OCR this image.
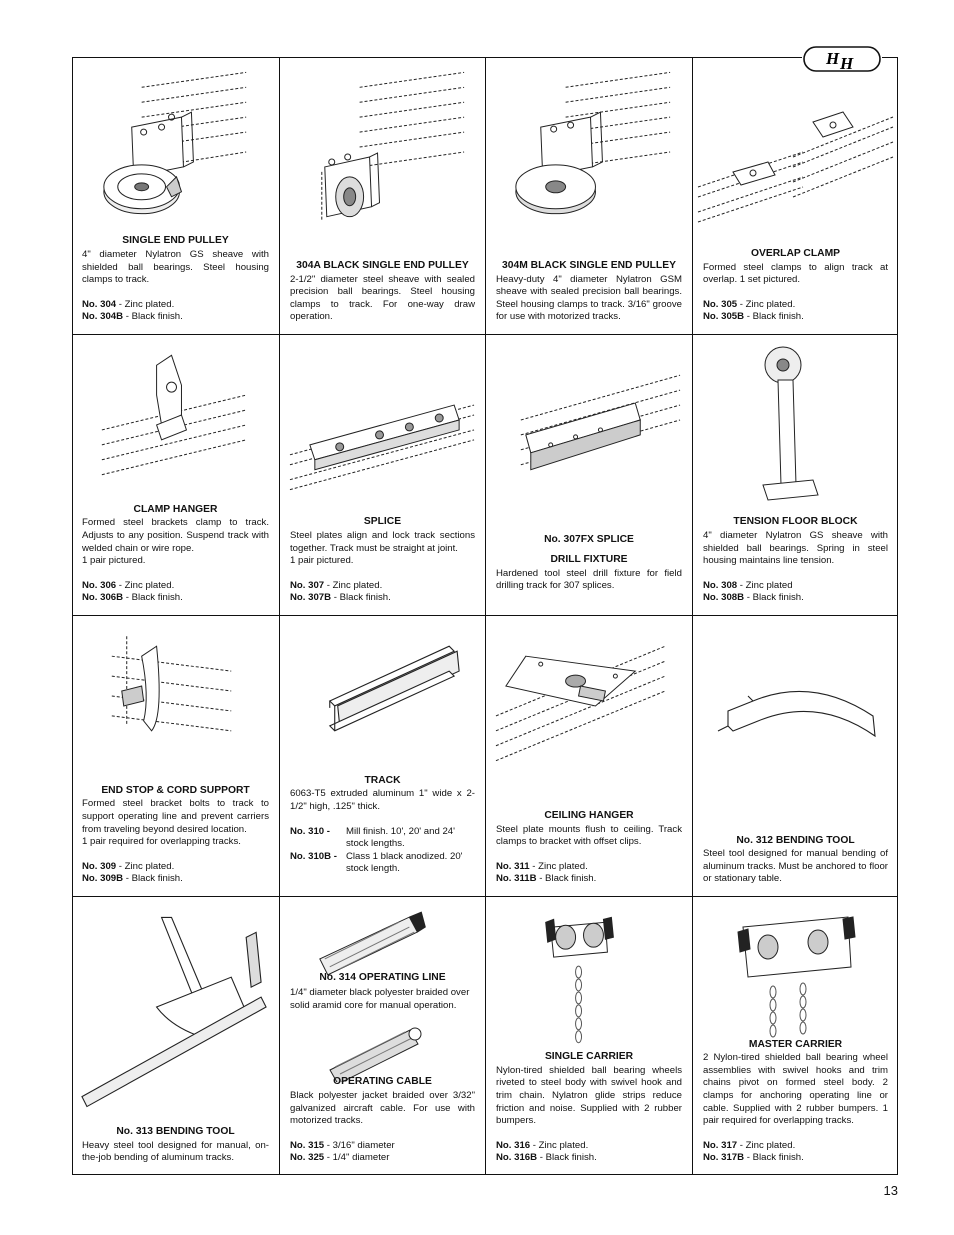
H H
SINGLE END PULLEY
4" diameter Nylatron GS sheave with shielded ball bearings. Steel housing clamps to track.
No. 304 - Zinc plated.
No. 304B - Black finish.
304A BLACK SINGLE END PULLEY
2-1/2" diameter steel sheave with sealed precision ball bearings. Steel housing clamps to track. For one-way draw operation.
304M BLACK SINGLE END PULLEY
Heavy-duty 4" diameter Nylatron GSM sheave with sealed precision ball bearings. Steel housing clamps to track. 3/16" groove for use with motorized tracks.
OVERLAP CLAMP
Formed steel clamps to align track at overlap. 1 set pictured.
No. 305 - Zinc plated.
No. 305B - Black finish.
CLAMP HANGER
Formed steel brackets clamp to track. Adjusts to any position. Suspend track with welded chain or wire rope.
1 pair pictured.
No. 306 - Zinc plated.
No. 306B - Black finish.
SPLICE
Steel plates align and lock track sections together. Track must be straight at joint.
1 pair pictured.
No. 307 - Zinc plated.
No. 307B - Black finish.
No. 307FX SPLICE
DRILL FIXTURE
Hardened tool steel drill fixture for field drilling track for 307 splices.
TENSION FLOOR BLOCK
4" diameter Nylatron GS sheave with shielded ball bearings. Spring in steel housing maintains line tension.
No. 308 - Zinc plated
No. 308B - Black finish.
END STOP & CORD SUPPORT
Formed steel bracket bolts to track to support operating line and prevent carriers from traveling beyond desired location.
1 pair required for overlapping tracks.
No. 309 - Zinc plated.
No. 309B - Black finish.
TRACK
6063-T5 extruded aluminum 1" wide x 2-1/2" high, .125" thick.
No. 310 -	Mill finish. 10', 20' and 24' stock lengths.
No. 310B - Class 1 black anodized. 20' stock length.
CEILING HANGER
Steel plate mounts flush to ceiling. Track clamps to bracket with offset clips.
No. 311 - Zinc plated.
No. 311B - Black finish.
No. 312 BENDING TOOL
Steel tool designed for manual bending of aluminum tracks. Must be anchored to floor or stationary table.
No. 313 BENDING TOOL
Heavy steel tool designed for manual, on-the-job bending of aluminum tracks.
No. 314 OPERATING LINE
1/4" diameter black polyester braided over solid aramid core for manual operation.
OPERATING CABLE
Black polyester jacket braided over 3/32" galvanized aircraft cable. For use with motorized tracks.
No. 315 - 3/16" diameter
No. 325 - 1/4" diameter
SINGLE CARRIER
Nylon-tired shielded ball bearing wheels riveted to steel body with swivel hook and trim chain. Nylatron glide strips reduce friction and noise. Supplied with 2 rubber bumpers.
No. 316 - Zinc plated.
No. 316B - Black finish.
MASTER CARRIER
2 Nylon-tired shielded ball bearing wheel assemblies with swivel hooks and trim chains pivot on formed steel body. 2 clamps for anchoring operating line or cable. Supplied with 2 rubber bumpers. 1 pair required for overlapping tracks.
No. 317 - Zinc plated.
No. 317B - Black finish.
13
